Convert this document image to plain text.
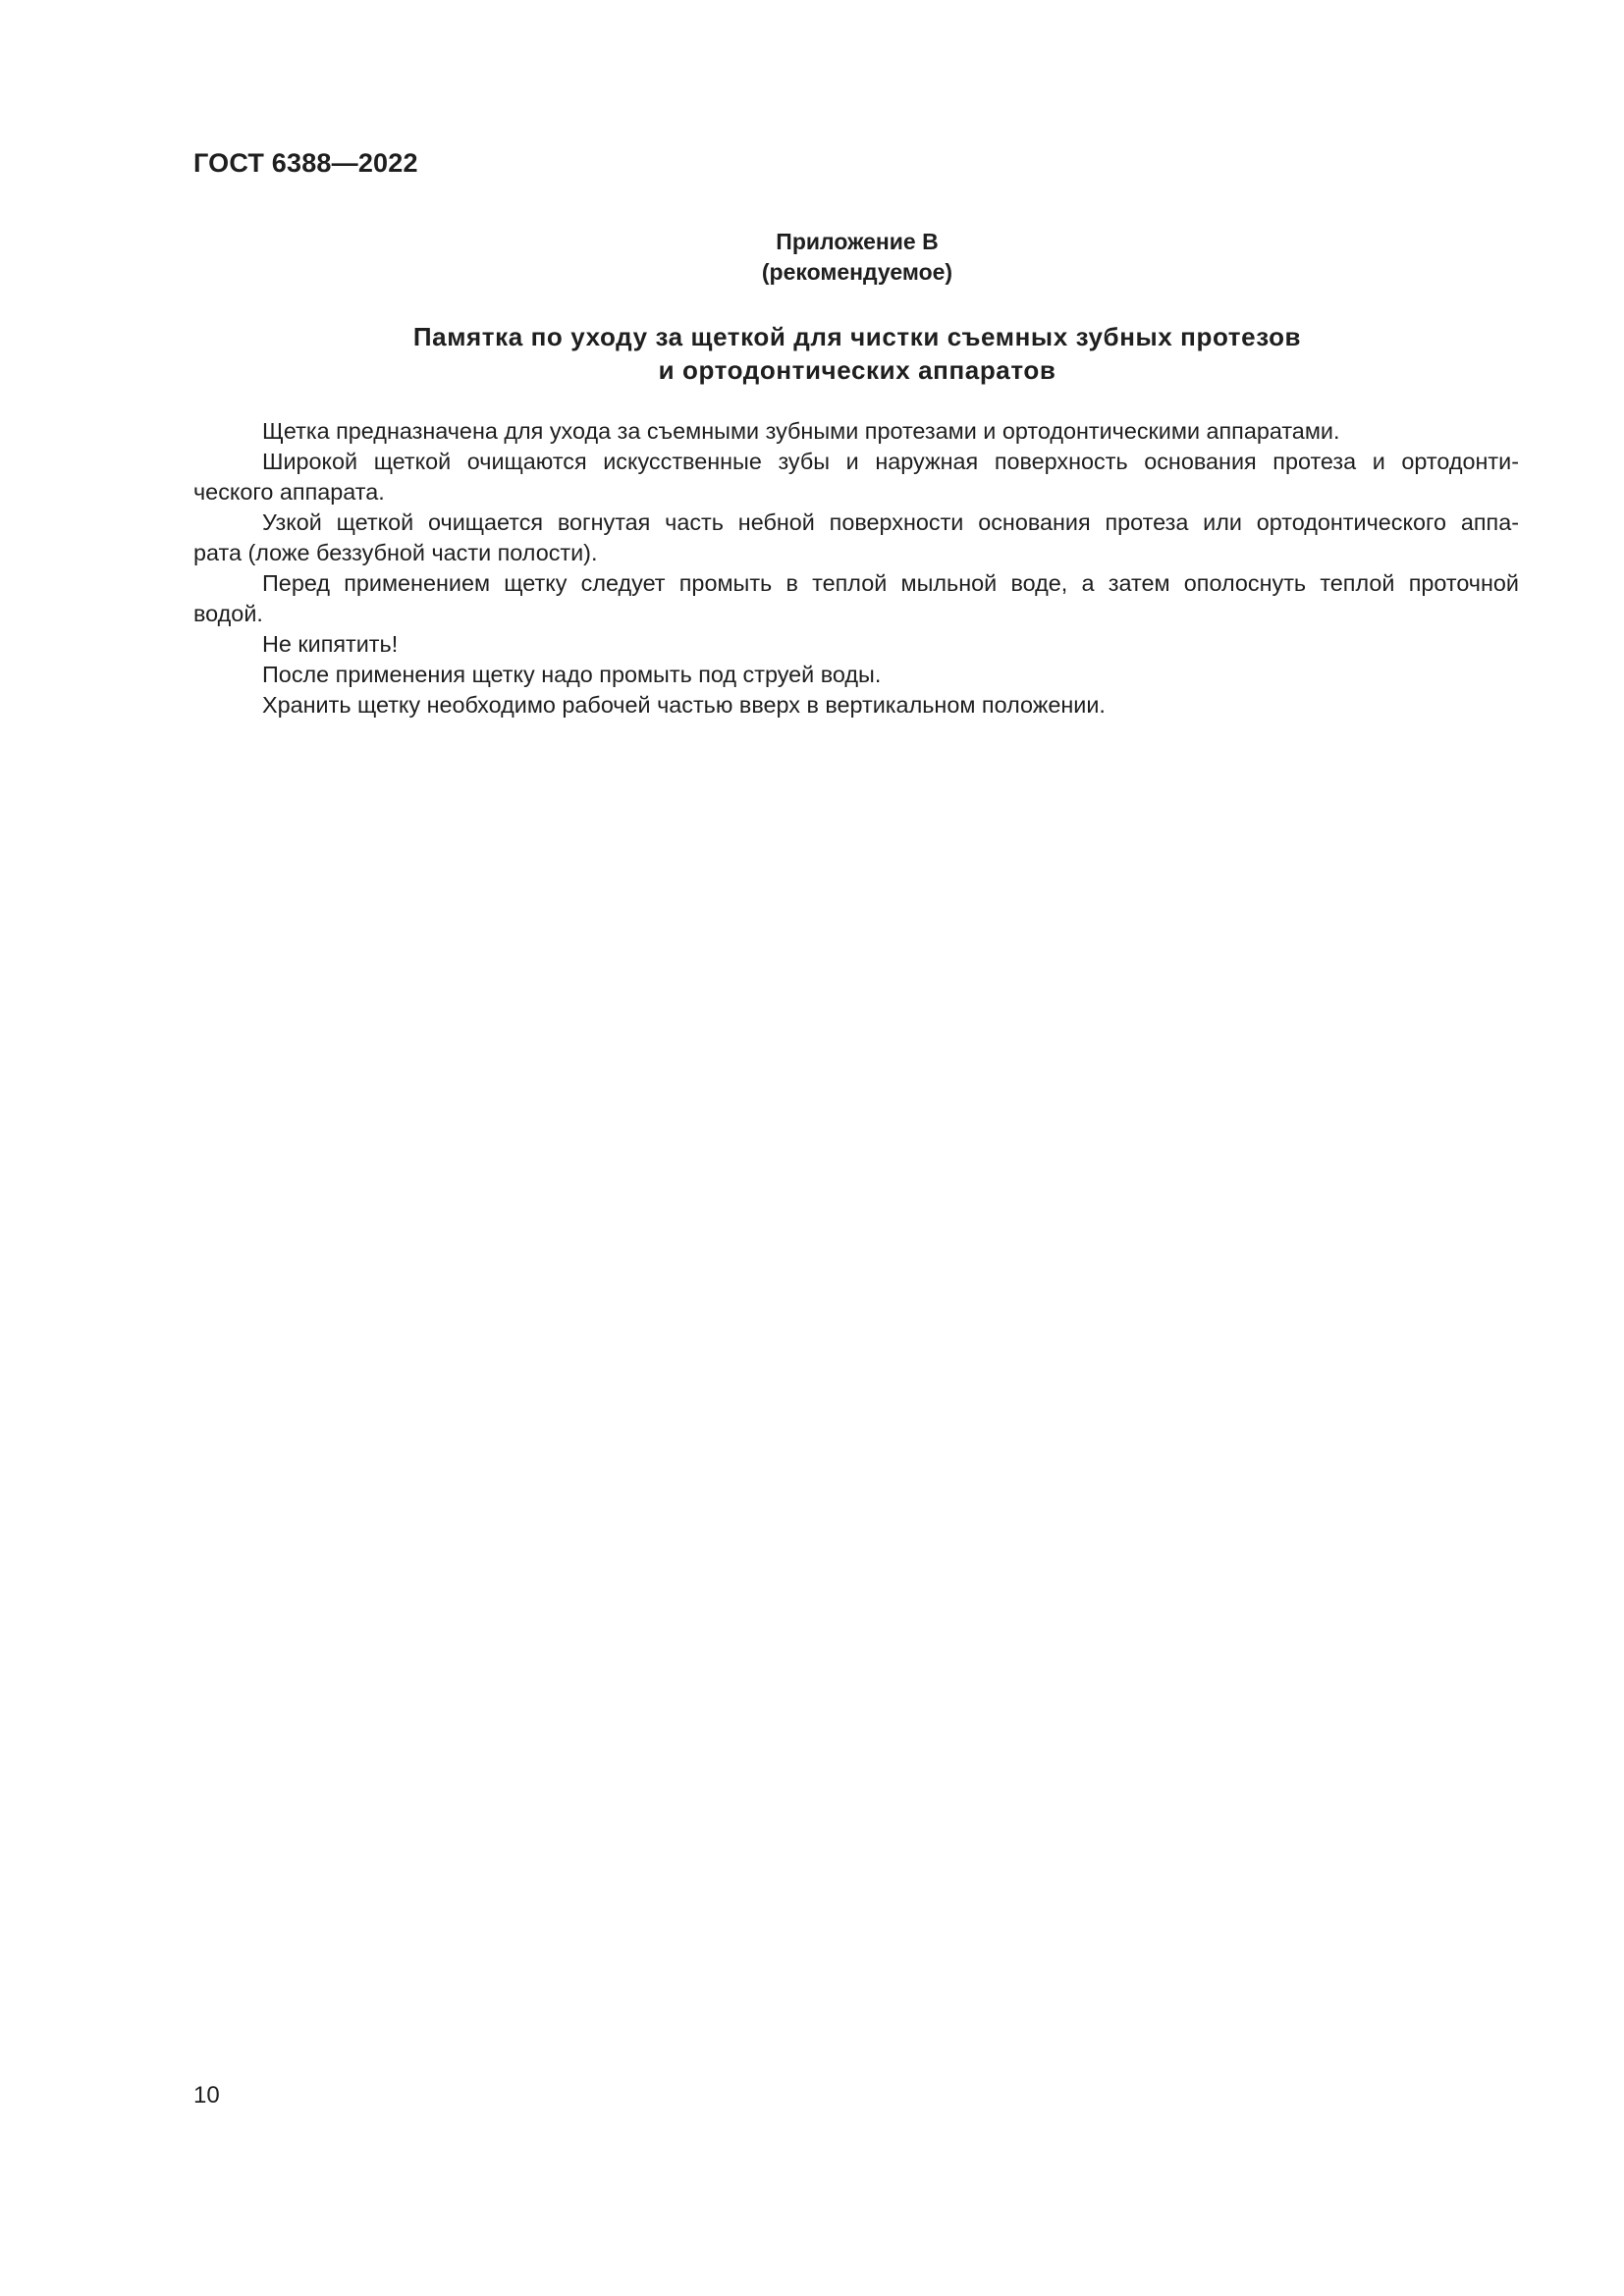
ГОСТ 6388—2022

Приложение В

(рекомендуемое)

Памятка по уходу за щеткой для чистки съемных зубных протезов
и ортодонтических аппаратов
Щетка предназначена для ухода за съемными зубными протезами и ортодонтическими аппаратами.
Широкой щеткой очищаются искусственные зубы и наружная поверхность основания протеза и ортодонти-
ческого аппарата.
Узкой щеткой очищается вогнутая часть небной поверхности основания протеза или ортодонтического аппа-
рата (ложе беззубной части полости).
Перед применением щетку следует промыть в теплой мыльной воде, а затем ополоснуть теплой проточной
водой.
Не кипятить!
После применения щетку надо промыть под струей воды.
Хранить щетку необходимо рабочей частью вверх в вертикальном положении.

10
